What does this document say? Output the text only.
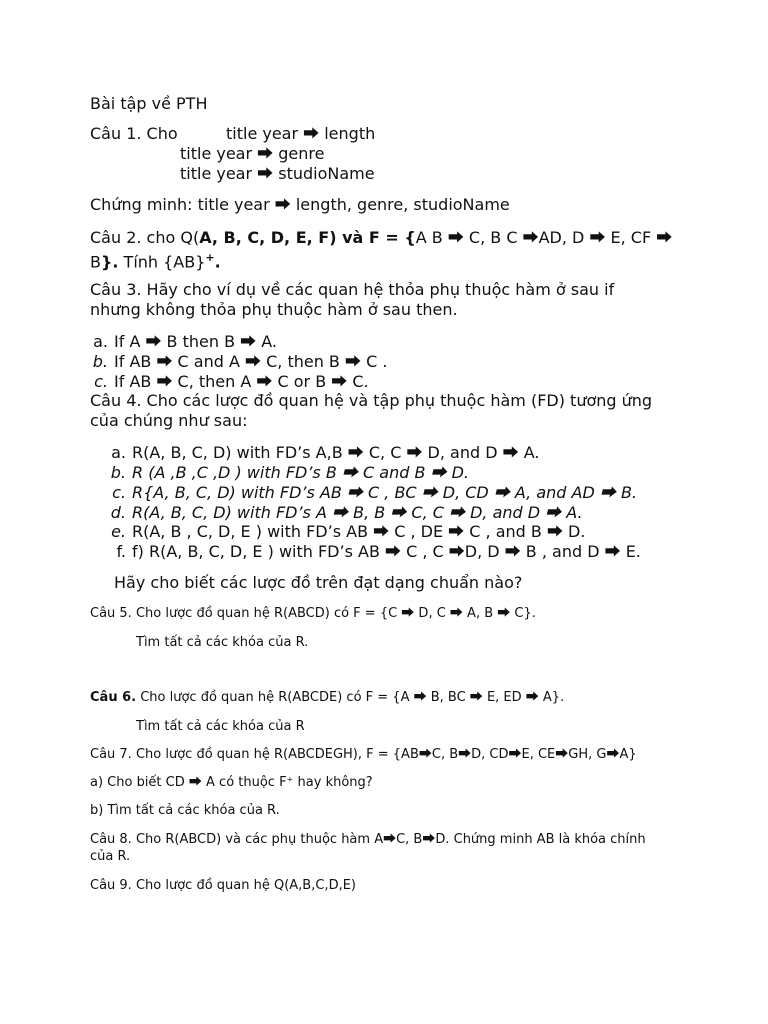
Bài tập về PTH
Câu 1. Cho	title year ⮕ length
title year ⮕ genre
title year ⮕ studioName
Chứng minh: title year ⮕ length, genre, studioName
Câu 2. cho Q(A, B, C, D, E, F) và F = {A B ⮕ C, B C ⮕AD, D ⮕ E, CF ⮕
B}. Tính {AB}+.
Câu 3. Hãy cho ví dụ về các quan hệ thỏa phụ thuộc hàm ở sau if
nhưng không thỏa phụ thuộc hàm ở sau then.
a. If A ⮕ B then B ⮕ A.
b. If AB ⮕ C and A ⮕ C, then B ⮕ C .
c. If AB ⮕ C, then A ⮕ C or B ⮕ C.
Câu 4. Cho các lược đồ quan hệ và tập phụ thuộc hàm (FD) tương ứng
của chúng như sau:
a. R(A, B, C, D) with FD’s A,B ⮕ C, C ⮕ D, and D ⮕ A.
b. R (A ,B ,C ,D ) with FD’s B ⮕ C and B ⮕ D.
c. R{A, B, C, D) with FD’s AB ⮕ C , BC ⮕ D, CD ⮕ A, and AD ⮕ B.
d. R(A, B, C, D) with FD’s A ⮕ B, B ⮕ C, C ⮕ D, and D ⮕ A.
e. R(A, B , C, D, E ) with FD’s AB ⮕ C , DE ⮕ C , and B ⮕ D.
f. f) R(A, B, C, D, E ) with FD’s AB ⮕ C , C ⮕D, D ⮕ B , and D ⮕ E.
Hãy cho biết các lược đồ trên đạt dạng chuẩn nào?
Câu 5. Cho lược đồ quan hệ R(ABCD) có F = {C ⮕ D, C ⮕ A, B ⮕ C}.
Tìm tất cả các khóa của R.
Câu 6. Cho lược đồ quan hệ R(ABCDE) có F = {A ⮕ B, BC ⮕ E, ED ⮕ A}.
Tìm tất cả các khóa của R
Câu 7. Cho lược đồ quan hệ R(ABCDEGH), F = {AB⮕C, B⮕D, CD⮕E, CE⮕GH, G⮕A}
a) Cho biết CD ⮕ A có thuộc F⁺ hay không?
b) Tìm tất cả các khóa của R.
Câu 8. Cho R(ABCD) và các phụ thuộc hàm A⮕C, B⮕D. Chứng minh AB là khóa chính
của R.
Câu 9. Cho lược đồ quan hệ Q(A,B,C,D,E)
